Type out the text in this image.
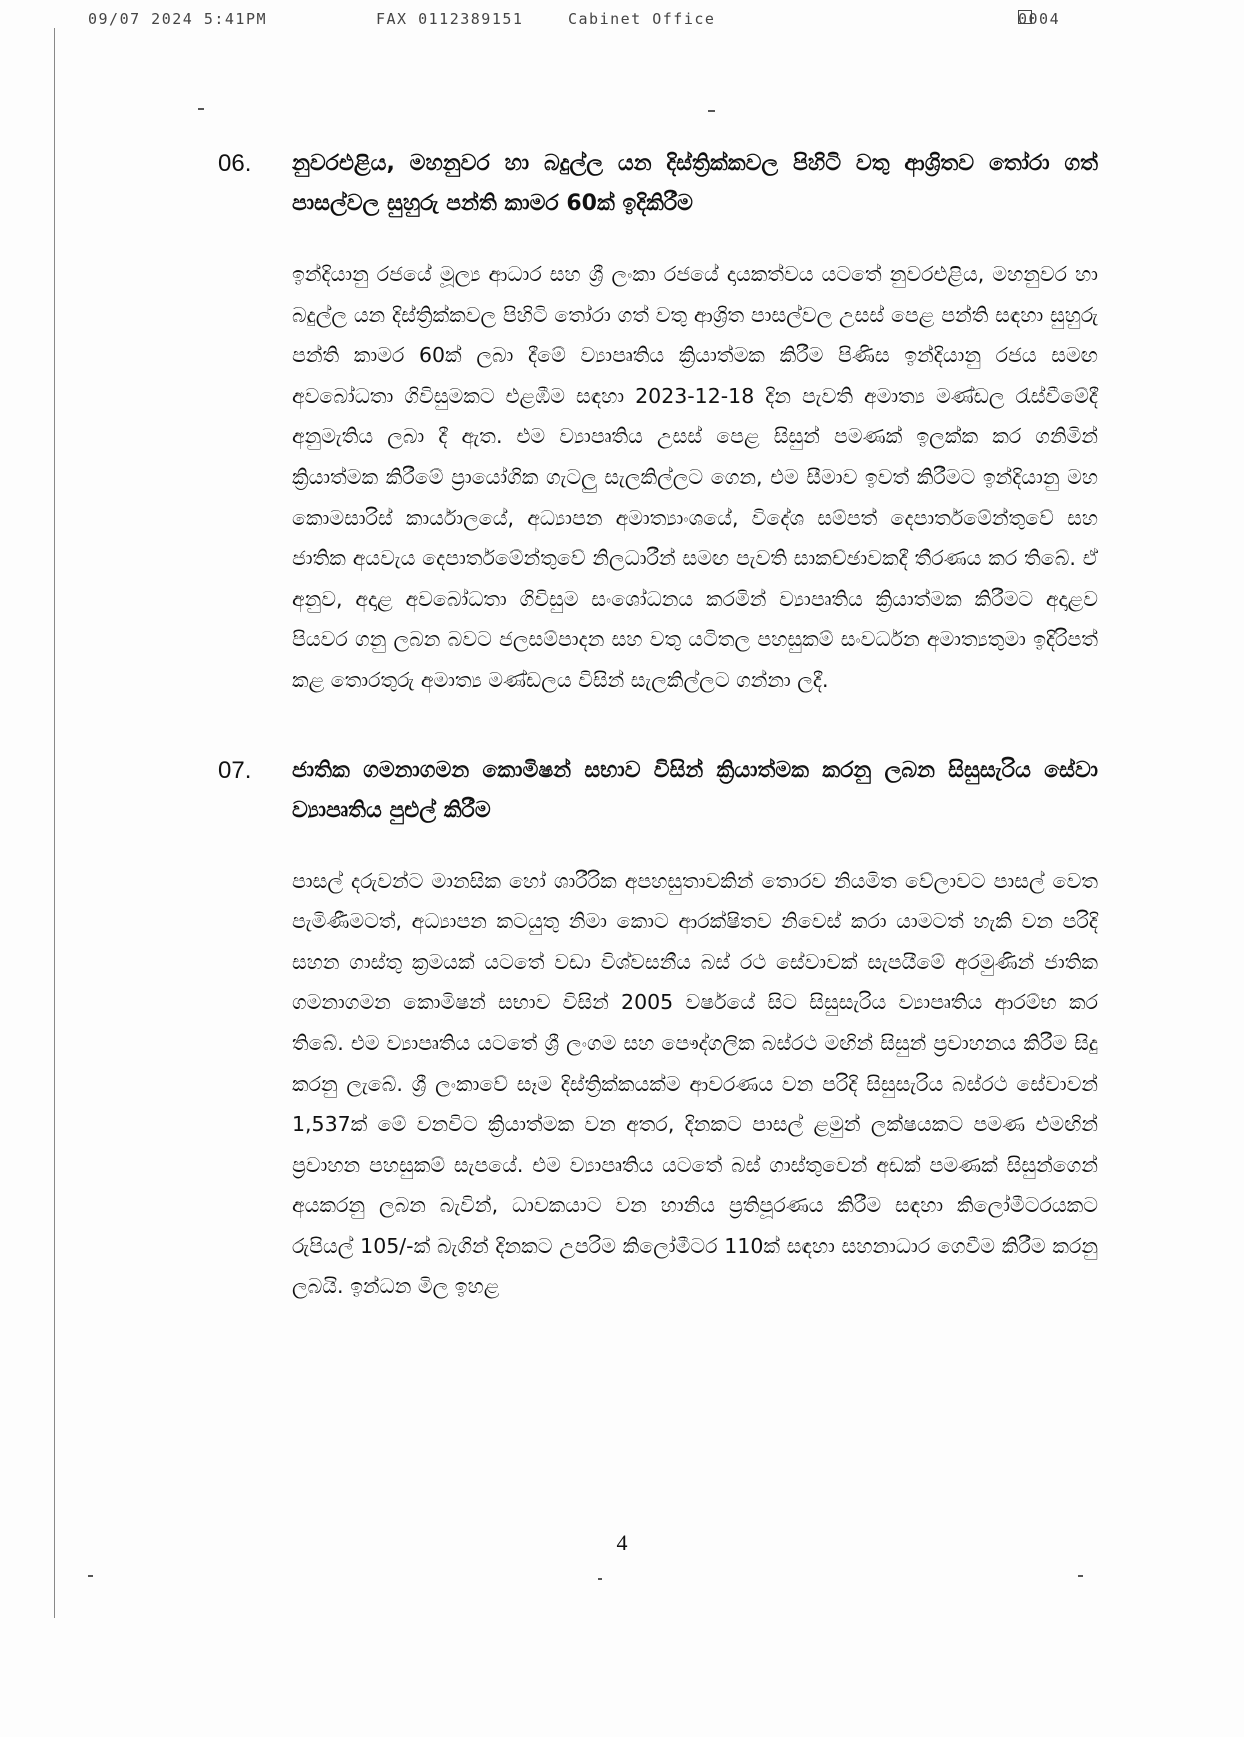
09/07 2024 5:41PM	FAX 0112389151	Cabinet Office	0004
06. නුවරඑළිය, මහනුවර හා බදුල්ල යන දිස්ත්‍රික්කවල පිහිටි වතු ආශ්‍රිතව තෝරා ගත් පාසල්වල සුහුරු පන්ති කාමර 60ක් ඉදිකිරීම
ඉන්දියානු රජයේ මූල්‍ය ආධාර සහ ශ්‍රී ලංකා රජයේ දායකත්වය යටතේ නුවරඑළිය, මහනුවර හා බදුල්ල යන දිස්ත්‍රික්කවල පිහිටි තෝරා ගත් වතු ආශ්‍රිත පාසල්වල උසස් පෙළ පන්ති සඳහා සුහුරු පන්ති කාමර 60ක් ලබා දීමේ ව්‍යාපෘතිය ක්‍රියාත්මක කිරීම පිණිස ඉන්දියානු රජය සමඟ අවබෝධතා ගිවිසුමකට එළඹීම සඳහා 2023-12-18 දින පැවති අමාත්‍ය මණ්ඩල රැස්වීමේදී අනුමැතිය ලබා දී ඇත. එම ව්‍යාපෘතිය උසස් පෙළ සිසුන් පමණක් ඉලක්ක කර ගනිමින් ක්‍රියාත්මක කිරීමේ ප්‍රායෝගික ගැටලු සැලකිල්ලට ගෙන, එම සීමාව ඉවත් කිරීමට ඉන්දියානු මහ කොමසාරිස් කාර්යාලයේ, අධ්‍යාපන අමාත්‍යාංශයේ, විදේශ සම්පත් දෙපාර්තමේන්තුවේ සහ ජාතික අයවැය දෙපාර්තමේන්තුවේ නිලධාරීන් සමඟ පැවති සාකච්ඡාවකදී තීරණය කර තිබේ. ඒ අනුව, අදාළ අවබෝධතා ගිවිසුම සංශෝධනය කරමින් ව්‍යාපෘතිය ක්‍රියාත්මක කිරීමට අදාළව පියවර ගනු ලබන බවට ජලසම්පාදන සහ වතු යටිතල පහසුකම් සංවර්ධන අමාත්‍යතුමා ඉදිරිපත් කළ තොරතුරු අමාත්‍ය මණ්ඩලය විසින් සැලකිල්ලට ගන්නා ලදී.
07. ජාතික ගමනාගමන කොමිෂන් සභාව විසින් ක්‍රියාත්මක කරනු ලබන සිසුසැරිය සේවා ව්‍යාපෘතිය පුළුල් කිරීම
පාසල් දරුවන්ට මානසික හෝ ශාරීරික අපහසුතාවකින් තොරව නියමිත වේලාවට පාසල් වෙත පැමිණීමටත්, අධ්‍යාපන කටයුතු නිමා කොට ආරක්ෂිතව නිවෙස් කරා යාමටත් හැකි වන පරිදි සහන ගාස්තු ක්‍රමයක් යටතේ වඩා විශ්වසනීය බස් රථ සේවාවක් සැපයීමේ අරමුණින් ජාතික ගමනාගමන කොමිෂන් සභාව විසින් 2005 වර්ෂයේ සිට සිසුසැරිය ව්‍යාපෘතිය ආරම්භ කර තිබේ. එම ව්‍යාපෘතිය යටතේ ශ්‍රී ලංගම සහ පෞද්ගලික බස්රථ මඟින් සිසුන් ප්‍රවාහනය කිරීම සිදු කරනු ලැබේ. ශ්‍රී ලංකාවේ සෑම දිස්ත්‍රික්කයක්ම ආවරණය වන පරිදි සිසුසැරිය බස්රථ සේවාවන් 1,537ක් මේ වනවිට ක්‍රියාත්මක වන අතර, දිනකට පාසල් ළමුන් ලක්ෂයකට පමණ එමඟින් ප්‍රවාහන පහසුකම් සැපයේ. එම ව්‍යාපෘතිය යටතේ බස් ගාස්තුවෙන් අඩක් පමණක් සිසුන්ගෙන් අයකරනු ලබන බැවින්, ධාවකයාට වන හානිය ප්‍රතිපූරණය කිරීම සඳහා කිලෝමීටරයකට රුපියල් 105/-ක් බැගින් දිනකට උපරිම කිලෝමීටර 110ක් සඳහා සහනාධාර ගෙවීම කිරීම කරනු ලබයි. ඉන්ධන මිල ඉහළ
4
